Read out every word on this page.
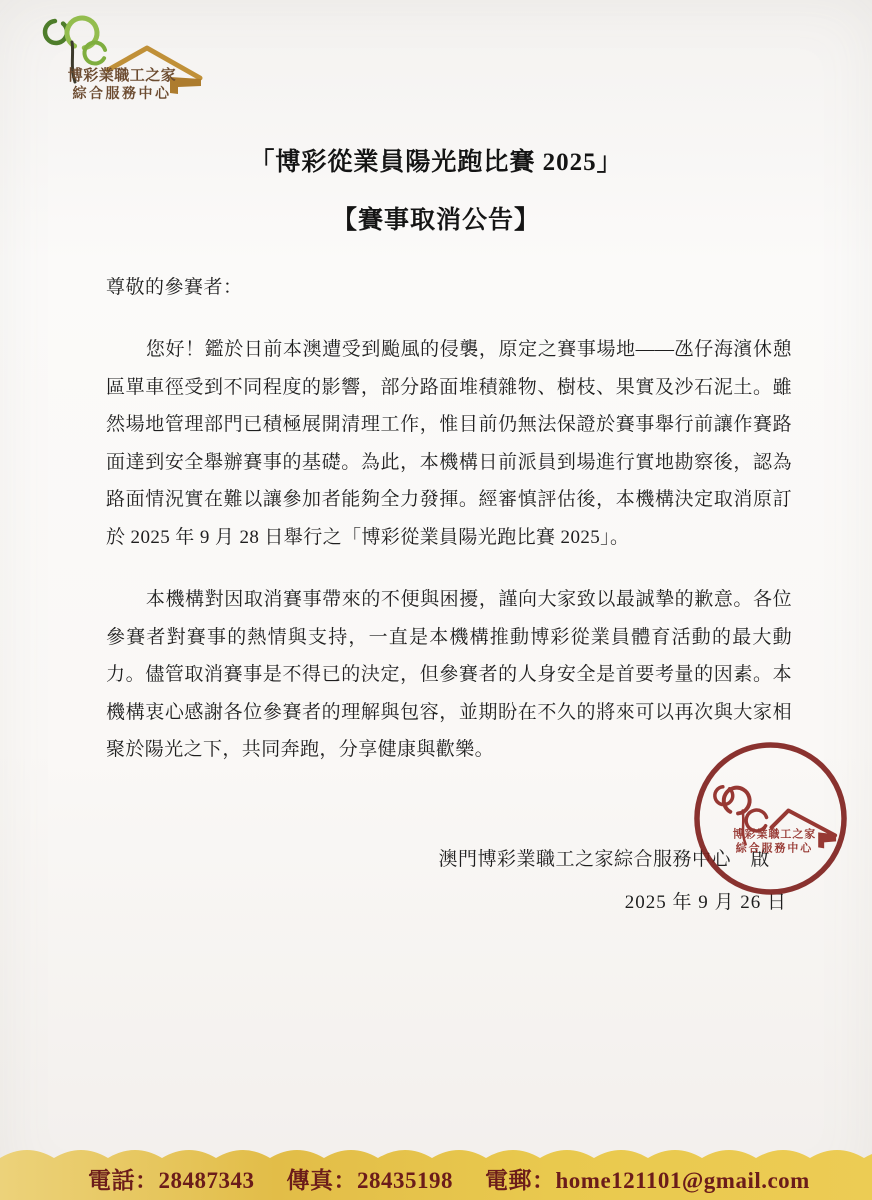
博彩業職工之家
綜合服務中心
「博彩從業員陽光跑比賽 2025」
【賽事取消公告】
尊敬的參賽者：

您好！鑑於日前本澳遭受到颱風的侵襲，原定之賽事場地——氹仔海濱休憩區單車徑受到不同程度的影響，部分路面堆積雜物、樹枝、果實及沙石泥土。雖然場地管理部門已積極展開清理工作，惟目前仍無法保證於賽事舉行前讓作賽路面達到安全舉辦賽事的基礎。為此，本機構日前派員到場進行實地勘察後，認為路面情況實在難以讓參加者能夠全力發揮。經審慎評估後，本機構決定取消原訂於 2025 年 9 月 28 日舉行之「博彩從業員陽光跑比賽 2025」。

本機構對因取消賽事帶來的不便與困擾，謹向大家致以最誠摯的歉意。各位參賽者對賽事的熱情與支持，一直是本機構推動博彩從業員體育活動的最大動力。儘管取消賽事是不得已的決定，但參賽者的人身安全是首要考量的因素。本機構衷心感謝各位參賽者的理解與包容，並期盼在不久的將來可以再次與大家相聚於陽光之下，共同奔跑，分享健康與歡樂。

澳門博彩業職工之家綜合服務中心　啟
2025 年 9 月 26 日
博彩業職工之家
綜合服務中心
電話：28487343 傳真：28435198 電郵：home121101@gmail.com
